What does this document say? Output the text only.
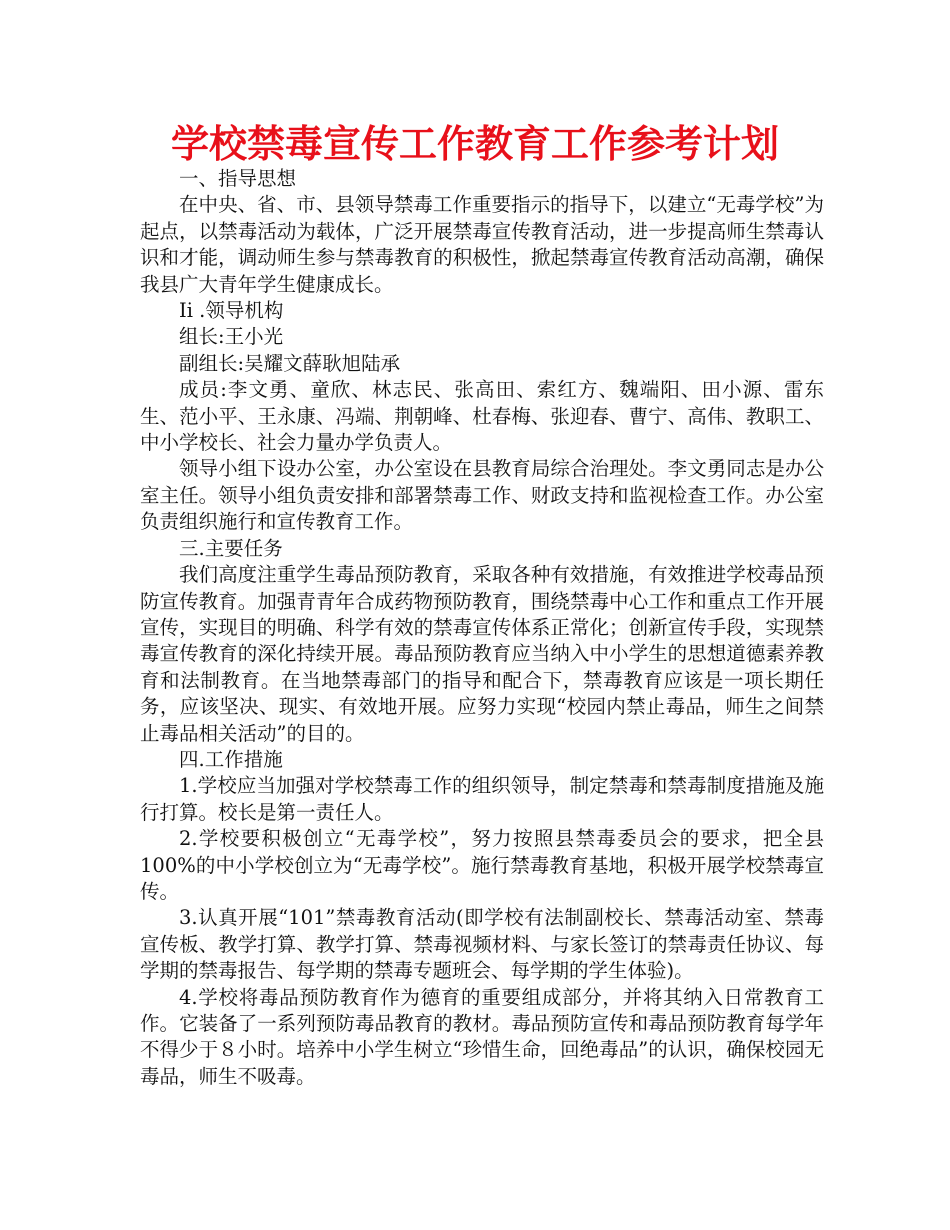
学校禁毒宣传工作教育工作参考计划

一、指导思想

在中央、省、市、县领导禁毒工作重要指示的指导下，以建立“无毒学校”为起点，以禁毒活动为载体，广泛开展禁毒宣传教育活动，进一步提高师生禁毒认识和才能，调动师生参与禁毒教育的积极性，掀起禁毒宣传教育活动高潮，确保我县广大青年学生健康成长。

Ii .领导机构

组长:王小光

副组长:吴耀文薛耿旭陆承

成员:李文勇、童欣、林志民、张高田、索红方、魏端阳、田小源、雷东生、范小平、王永康、冯端、荆朝峰、杜春梅、张迎春、曹宁、高伟、教职工、中小学校长、社会力量办学负责人。

领导小组下设办公室，办公室设在县教育局综合治理处。李文勇同志是办公室主任。领导小组负责安排和部署禁毒工作、财政支持和监视检查工作。办公室负责组织施行和宣传教育工作。

三.主要任务

我们高度注重学生毒品预防教育，采取各种有效措施，有效推进学校毒品预防宣传教育。加强青青年合成药物预防教育，围绕禁毒中心工作和重点工作开展宣传，实现目的明确、科学有效的禁毒宣传体系正常化；创新宣传手段，实现禁毒宣传教育的深化持续开展。毒品预防教育应当纳入中小学生的思想道德素养教育和法制教育。在当地禁毒部门的指导和配合下，禁毒教育应该是一项长期任务，应该坚决、现实、有效地开展。应努力实现“校园内禁止毒品，师生之间禁止毒品相关活动”的目的。

四.工作措施

1.学校应当加强对学校禁毒工作的组织领导，制定禁毒和禁毒制度措施及施行打算。校长是第一责任人。

2.学校要积极创立“无毒学校”，努力按照县禁毒委员会的要求，把全县100%的中小学校创立为“无毒学校”。施行禁毒教育基地，积极开展学校禁毒宣传。

3.认真开展“101”禁毒教育活动(即学校有法制副校长、禁毒活动室、禁毒宣传板、教学打算、教学打算、禁毒视频材料、与家长签订的禁毒责任协议、每学期的禁毒报告、每学期的禁毒专题班会、每学期的学生体验)。

4.学校将毒品预防教育作为德育的重要组成部分，并将其纳入日常教育工作。它装备了一系列预防毒品教育的教材。毒品预防宣传和毒品预防教育每学年不得少于８小时。培养中小学生树立“珍惜生命，回绝毒品”的认识，确保校园无毒品，师生不吸毒。
